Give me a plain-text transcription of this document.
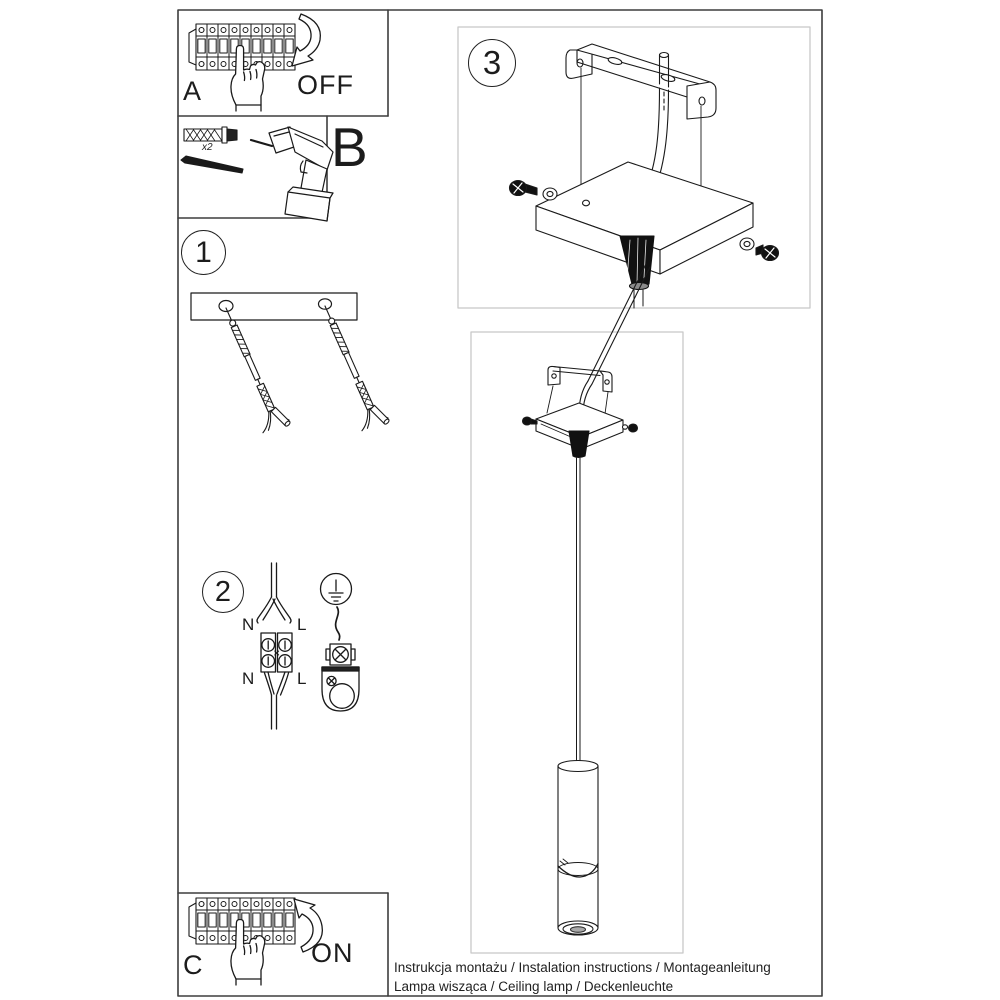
A
B
C
OFF
ON
x2
1
2
3
N	L
N	L
Instrukcja montażu / Instalation instructions / Montageanleitung
Lampa wisząca / Ceiling lamp / Deckenleuchte
